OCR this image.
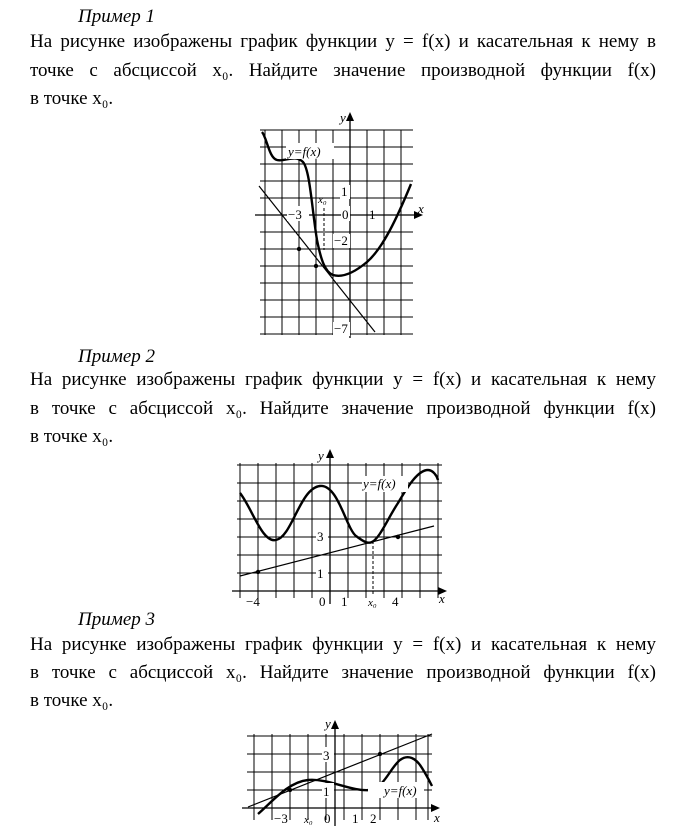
Пример 1
На рисунке изображены график функции y = f(x) и касательная к нему в
точке с абсциссой x₀. Найдите значение производной функции f(x)
в точке x₀.
y=f(x)
x
y
x₀
−3	0 1
1
−2
−7
Пример 2
На рисунке изображены график функции y = f(x) и касательная к нему
в точке с абсциссой x₀. Найдите значение производной функции f(x)
в точке x₀.
y=f(x)
x
y
−4	0 1 x₀ 4
3
1
Пример 3
На рисунке изображены график функции y = f(x) и касательная к нему
в точке с абсциссой x₀. Найдите значение производной функции f(x)
в точке x₀.
y=f(x)
x
y
−3 x₀ 0 1 2
3
1
